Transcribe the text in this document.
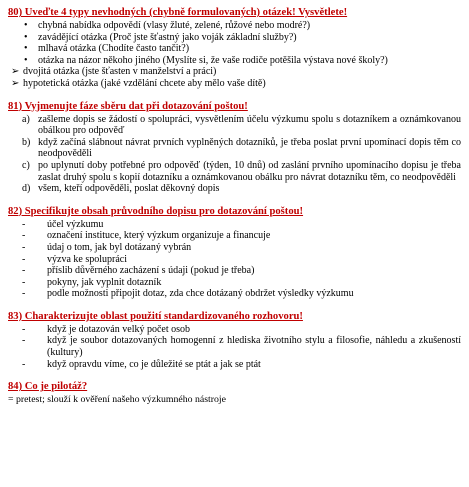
80) Uveďte 4 typy nevhodných (chybně formulovaných) otázek! Vysvětlete!
• chybná nabídka odpovědí (vlasy žluté, zelené, růžové nebo modré?)
• zavádějící otázka (Proč jste šťastný jako voják základní služby?)
• mlhavá otázka (Chodíte často tančit?)
• otázka na názor někoho jiného (Myslíte si, že vaše rodiče potěšila výstava nové školy?)
➢ dvojitá otázka (jste šťasten v manželství a práci)
➢ hypotetická otázka (jaké vzdělání chcete aby mělo vaše dítě)
81) Vyjmenujte fáze sběru dat při dotazování poštou!
a) zašleme dopis se žádostí o spolupráci, vysvětlením účelu výzkumu spolu s dotazníkem a oznámkovanou obálkou pro odpověď
b) když začíná slábnout návrat prvních vyplněných dotazníků, je třeba poslat první upomínací dopis těm co neodpověděli
c) po uplynutí doby potřebné pro odpověď (týden, 10 dnů) od zaslání prvního upomínacího dopisu je třeba zaslat druhý spolu s kopií dotazníku a oznámkovanou obálku pro návrat dotazníku těm, co neodpověděli
d) všem, kteří odpověděli, poslat děkovný dopis
82) Specifikujte obsah průvodního dopisu pro dotazování poštou!
- účel výzkumu
- označení instituce, který výzkum organizuje a financuje
- údaj o tom, jak byl dotázaný vybrán
- výzva ke spolupráci
- příslib důvěrného zacházení s údaji (pokud je třeba)
- pokyny, jak vyplnit dotazník
- podle možnosti připojit dotaz, zda chce dotázaný obdržet výsledky výzkumu
83) Charakterizujte oblast použití standardizovaného rozhovoru!
- když je dotazován velký počet osob
- když je soubor dotazovaných homogenní z hlediska životního stylu a filosofie, náhledu a zkušeností (kultury)
- když opravdu víme, co je důležité se ptát a jak se ptát
84) Co je pilotáž?
= pretest; slouží k ověření našeho výzkumného nástroje
